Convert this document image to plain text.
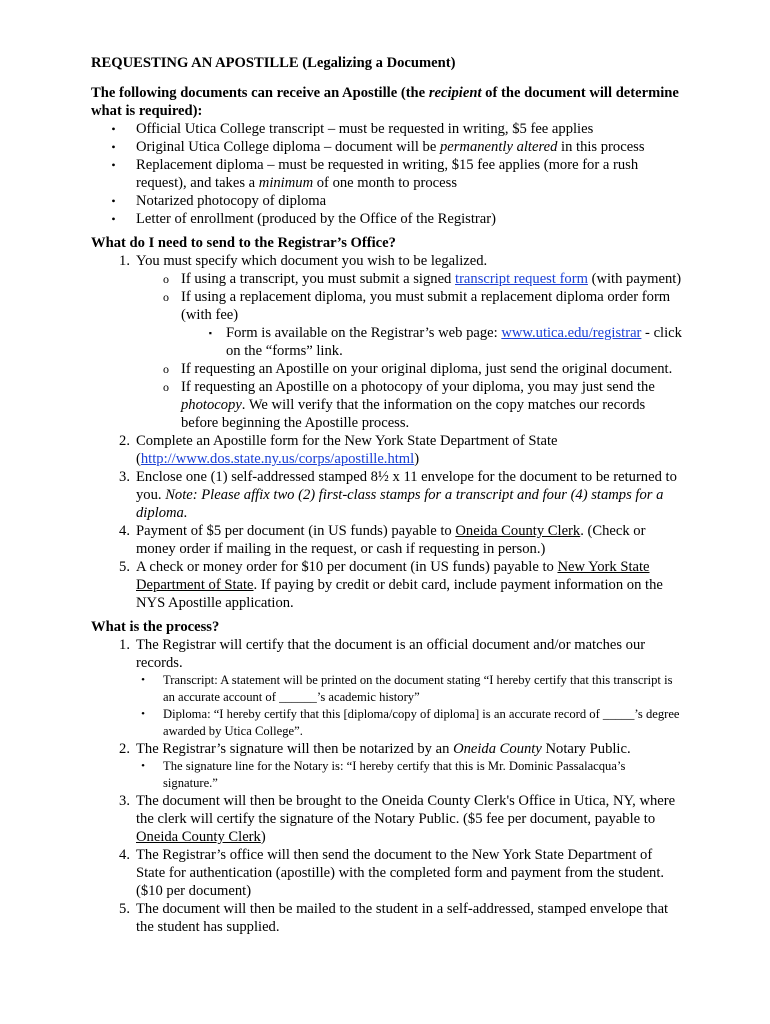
REQUESTING AN APOSTILLE (Legalizing a Document)

The following documents can receive an Apostille (the recipient of the document will determine what is required):

•	Official Utica College transcript – must be requested in writing, $5 fee applies
•	Original Utica College diploma – document will be permanently altered in this process
•	Replacement diploma – must be requested in writing, $15 fee applies (more for a rush request), and takes a minimum of one month to process
•	Notarized photocopy of diploma
•	Letter of enrollment (produced by the Office of the Registrar)

What do I need to send to the Registrar’s Office?

1. You must specify which document you wish to be legalized.
o If using a transcript, you must submit a signed transcript request form (with payment)
o If using a replacement diploma, you must submit a replacement diploma order form (with fee)
▪ Form is available on the Registrar’s web page: www.utica.edu/registrar - click on the “forms” link.
o If requesting an Apostille on your original diploma, just send the original document.
o If requesting an Apostille on a photocopy of your diploma, you may just send the photocopy. We will verify that the information on the copy matches our records before beginning the Apostille process.
2. Complete an Apostille form for the New York State Department of State (http://www.dos.state.ny.us/corps/apostille.html)
3. Enclose one (1) self-addressed stamped 8½ x 11 envelope for the document to be returned to you. Note: Please affix two (2) first-class stamps for a transcript and four (4) stamps for a diploma.
4. Payment of $5 per document (in US funds) payable to Oneida County Clerk. (Check or money order if mailing in the request, or cash if requesting in person.)
5. A check or money order for $10 per document (in US funds) payable to New York State Department of State. If paying by credit or debit card, include payment information on the NYS Apostille application.

What is the process?

1. The Registrar will certify that the document is an official document and/or matches our records.
•	Transcript: A statement will be printed on the document stating “I hereby certify that this transcript is an accurate account of ______’s academic history”
•	Diploma: “I hereby certify that this [diploma/copy of diploma] is an accurate record of _____’s degree awarded by Utica College”.
2. The Registrar’s signature will then be notarized by an Oneida County Notary Public.
•	The signature line for the Notary is: “I hereby certify that this is Mr. Dominic Passalacqua’s signature.”
3. The document will then be brought to the Oneida County Clerk's Office in Utica, NY, where the clerk will certify the signature of the Notary Public. ($5 fee per document, payable to Oneida County Clerk)
4. The Registrar’s office will then send the document to the New York State Department of State for authentication (apostille) with the completed form and payment from the student. ($10 per document)
5. The document will then be mailed to the student in a self-addressed, stamped envelope that the student has supplied.
